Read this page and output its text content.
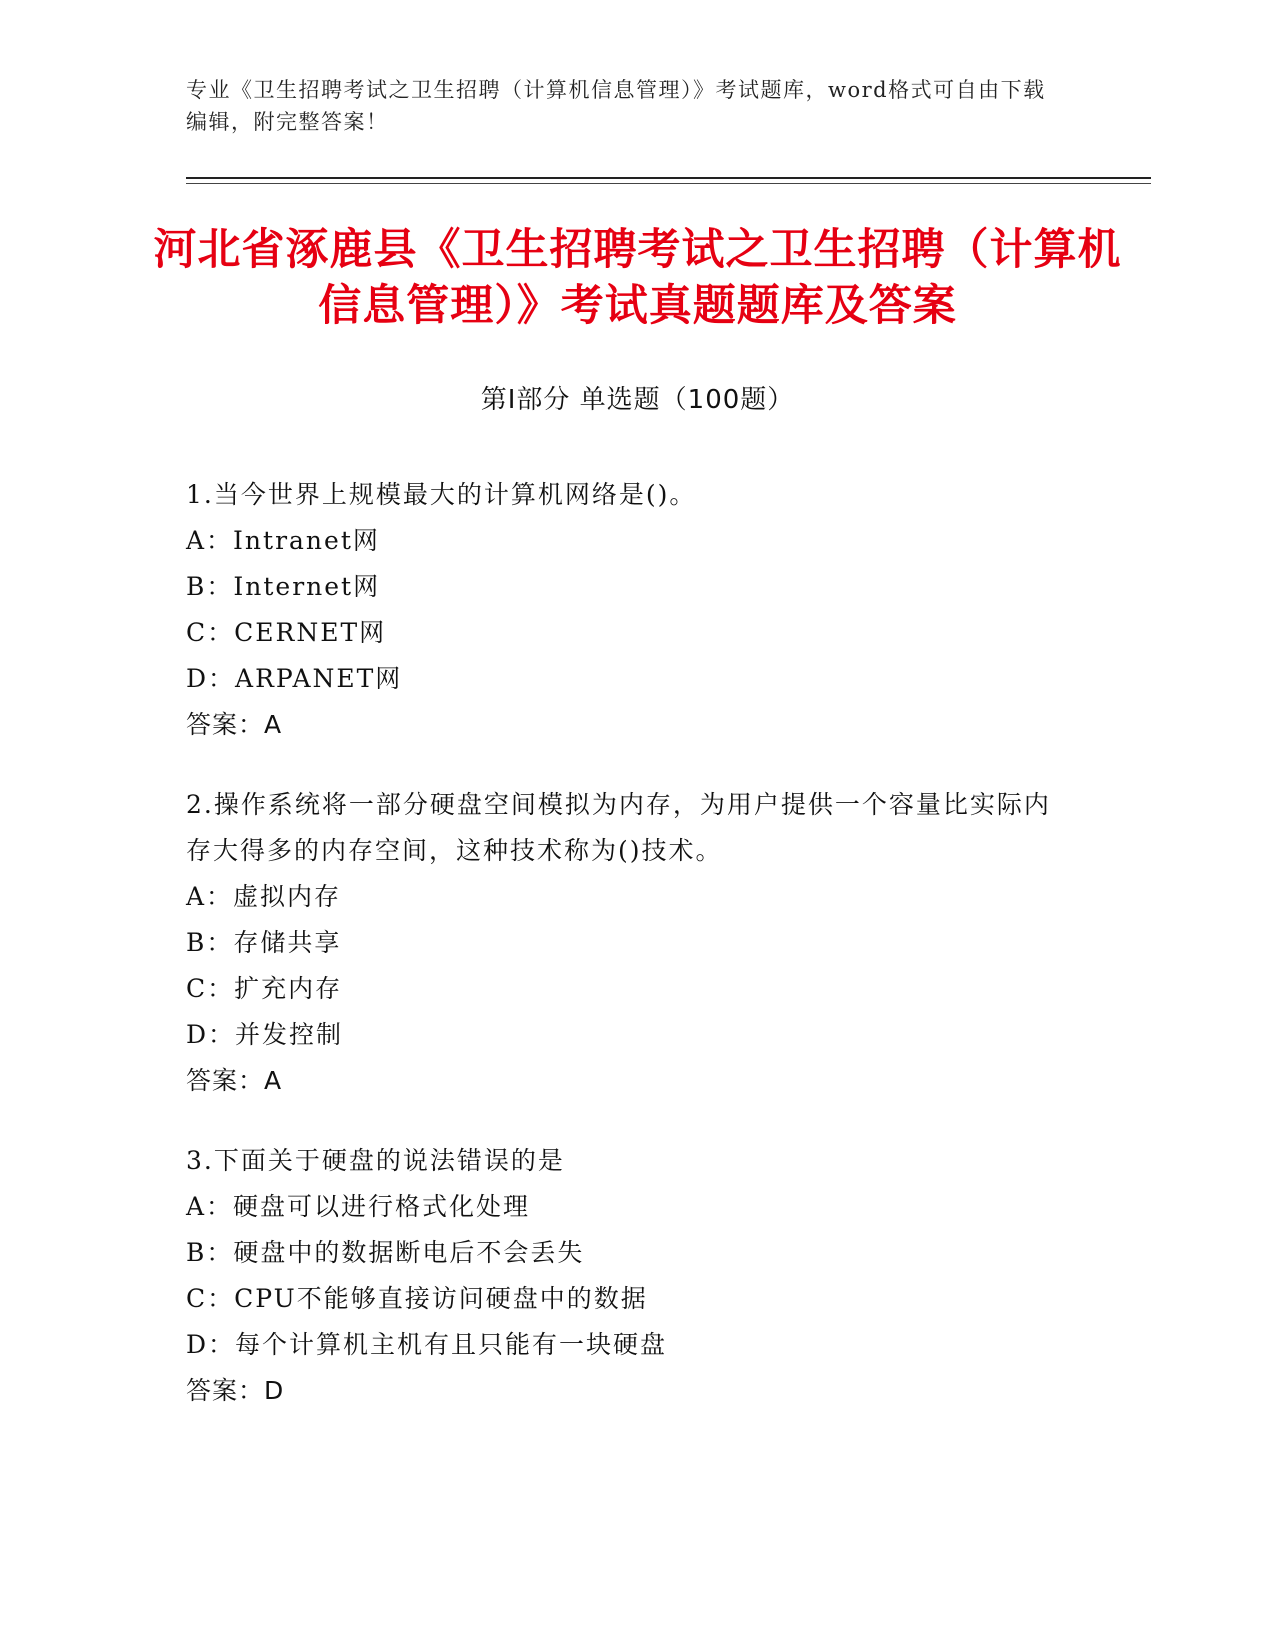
专业《卫生招聘考试之卫生招聘（计算机信息管理）》考试题库，word格式可自由下载编辑，附完整答案！
河北省涿鹿县《卫生招聘考试之卫生招聘（计算机信息管理）》考试真题题库及答案
第Ⅰ部分 单选题（100题）
1.当今世界上规模最大的计算机网络是()。
A：Intranet网
B：Internet网
C：CERNET网
D：ARPANET网
答案：A
2.操作系统将一部分硬盘空间模拟为内存，为用户提供一个容量比实际内存大得多的内存空间，这种技术称为()技术。
A：虚拟内存
B：存储共享
C：扩充内存
D：并发控制
答案：A
3.下面关于硬盘的说法错误的是
A：硬盘可以进行格式化处理
B：硬盘中的数据断电后不会丢失
C：CPU不能够直接访问硬盘中的数据
D：每个计算机主机有且只能有一块硬盘
答案：D
